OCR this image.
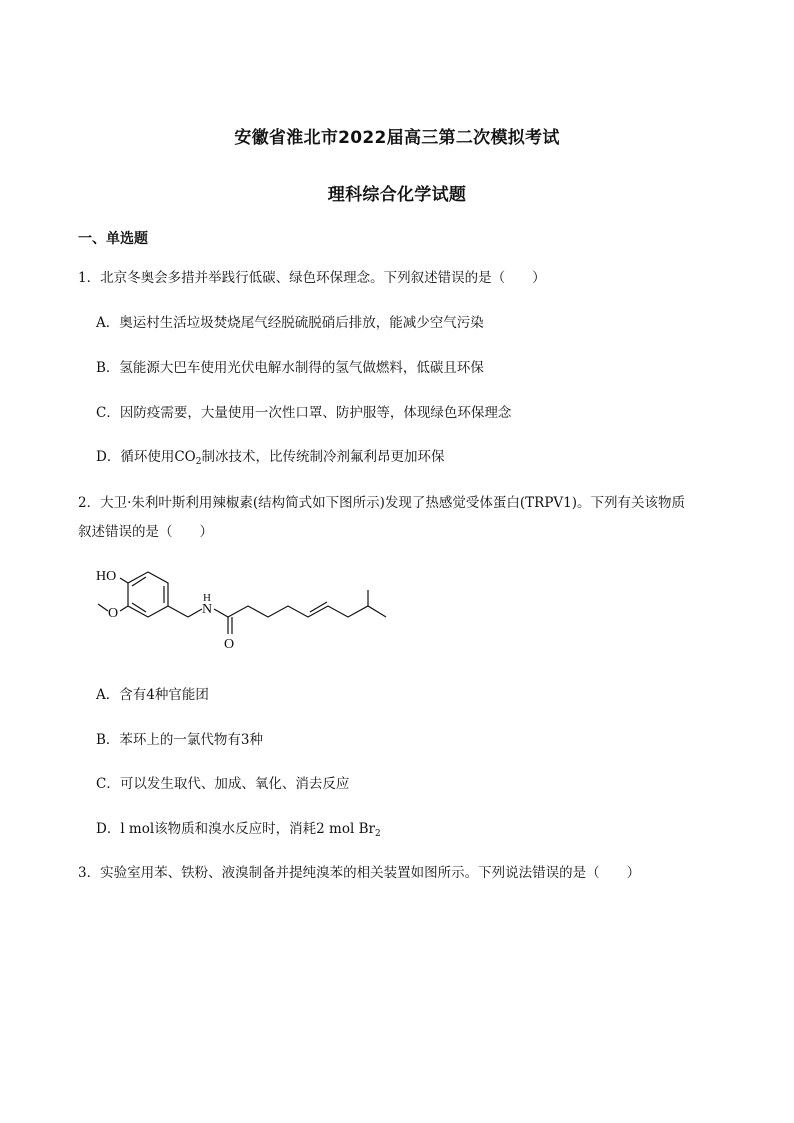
安徽省淮北市2022届高三第二次模拟考试
理科综合化学试题
一、单选题
1．北京冬奥会多措并举践行低碳、绿色环保理念。下列叙述错误的是（　　）
A．奥运村生活垃圾焚烧尾气经脱硫脱硝后排放，能减少空气污染
B．氢能源大巴车使用光伏电解水制得的氢气做燃料，低碳且环保
C．因防疫需要，大量使用一次性口罩、防护服等，体现绿色环保理念
D．循环使用$CO_2$制冰技术，比传统制冷剂氟利昂更加环保
2．大卫·朱利叶斯利用辣椒素(结构简式如下图所示)发现了热感觉受体蛋白(TRPV1)。下列有关该物质
叙述错误的是（　　）
HO
O	N
H
O
A．含有4种官能团
B．苯环上的一氯代物有3种
C．可以发生取代、加成、氧化、消去反应
D．l mol该物质和溴水反应时，消耗2 mol $Br_2$
3．实验室用苯、铁粉、液溴制备并提纯溴苯的相关装置如图所示。下列说法错误的是（　　）
